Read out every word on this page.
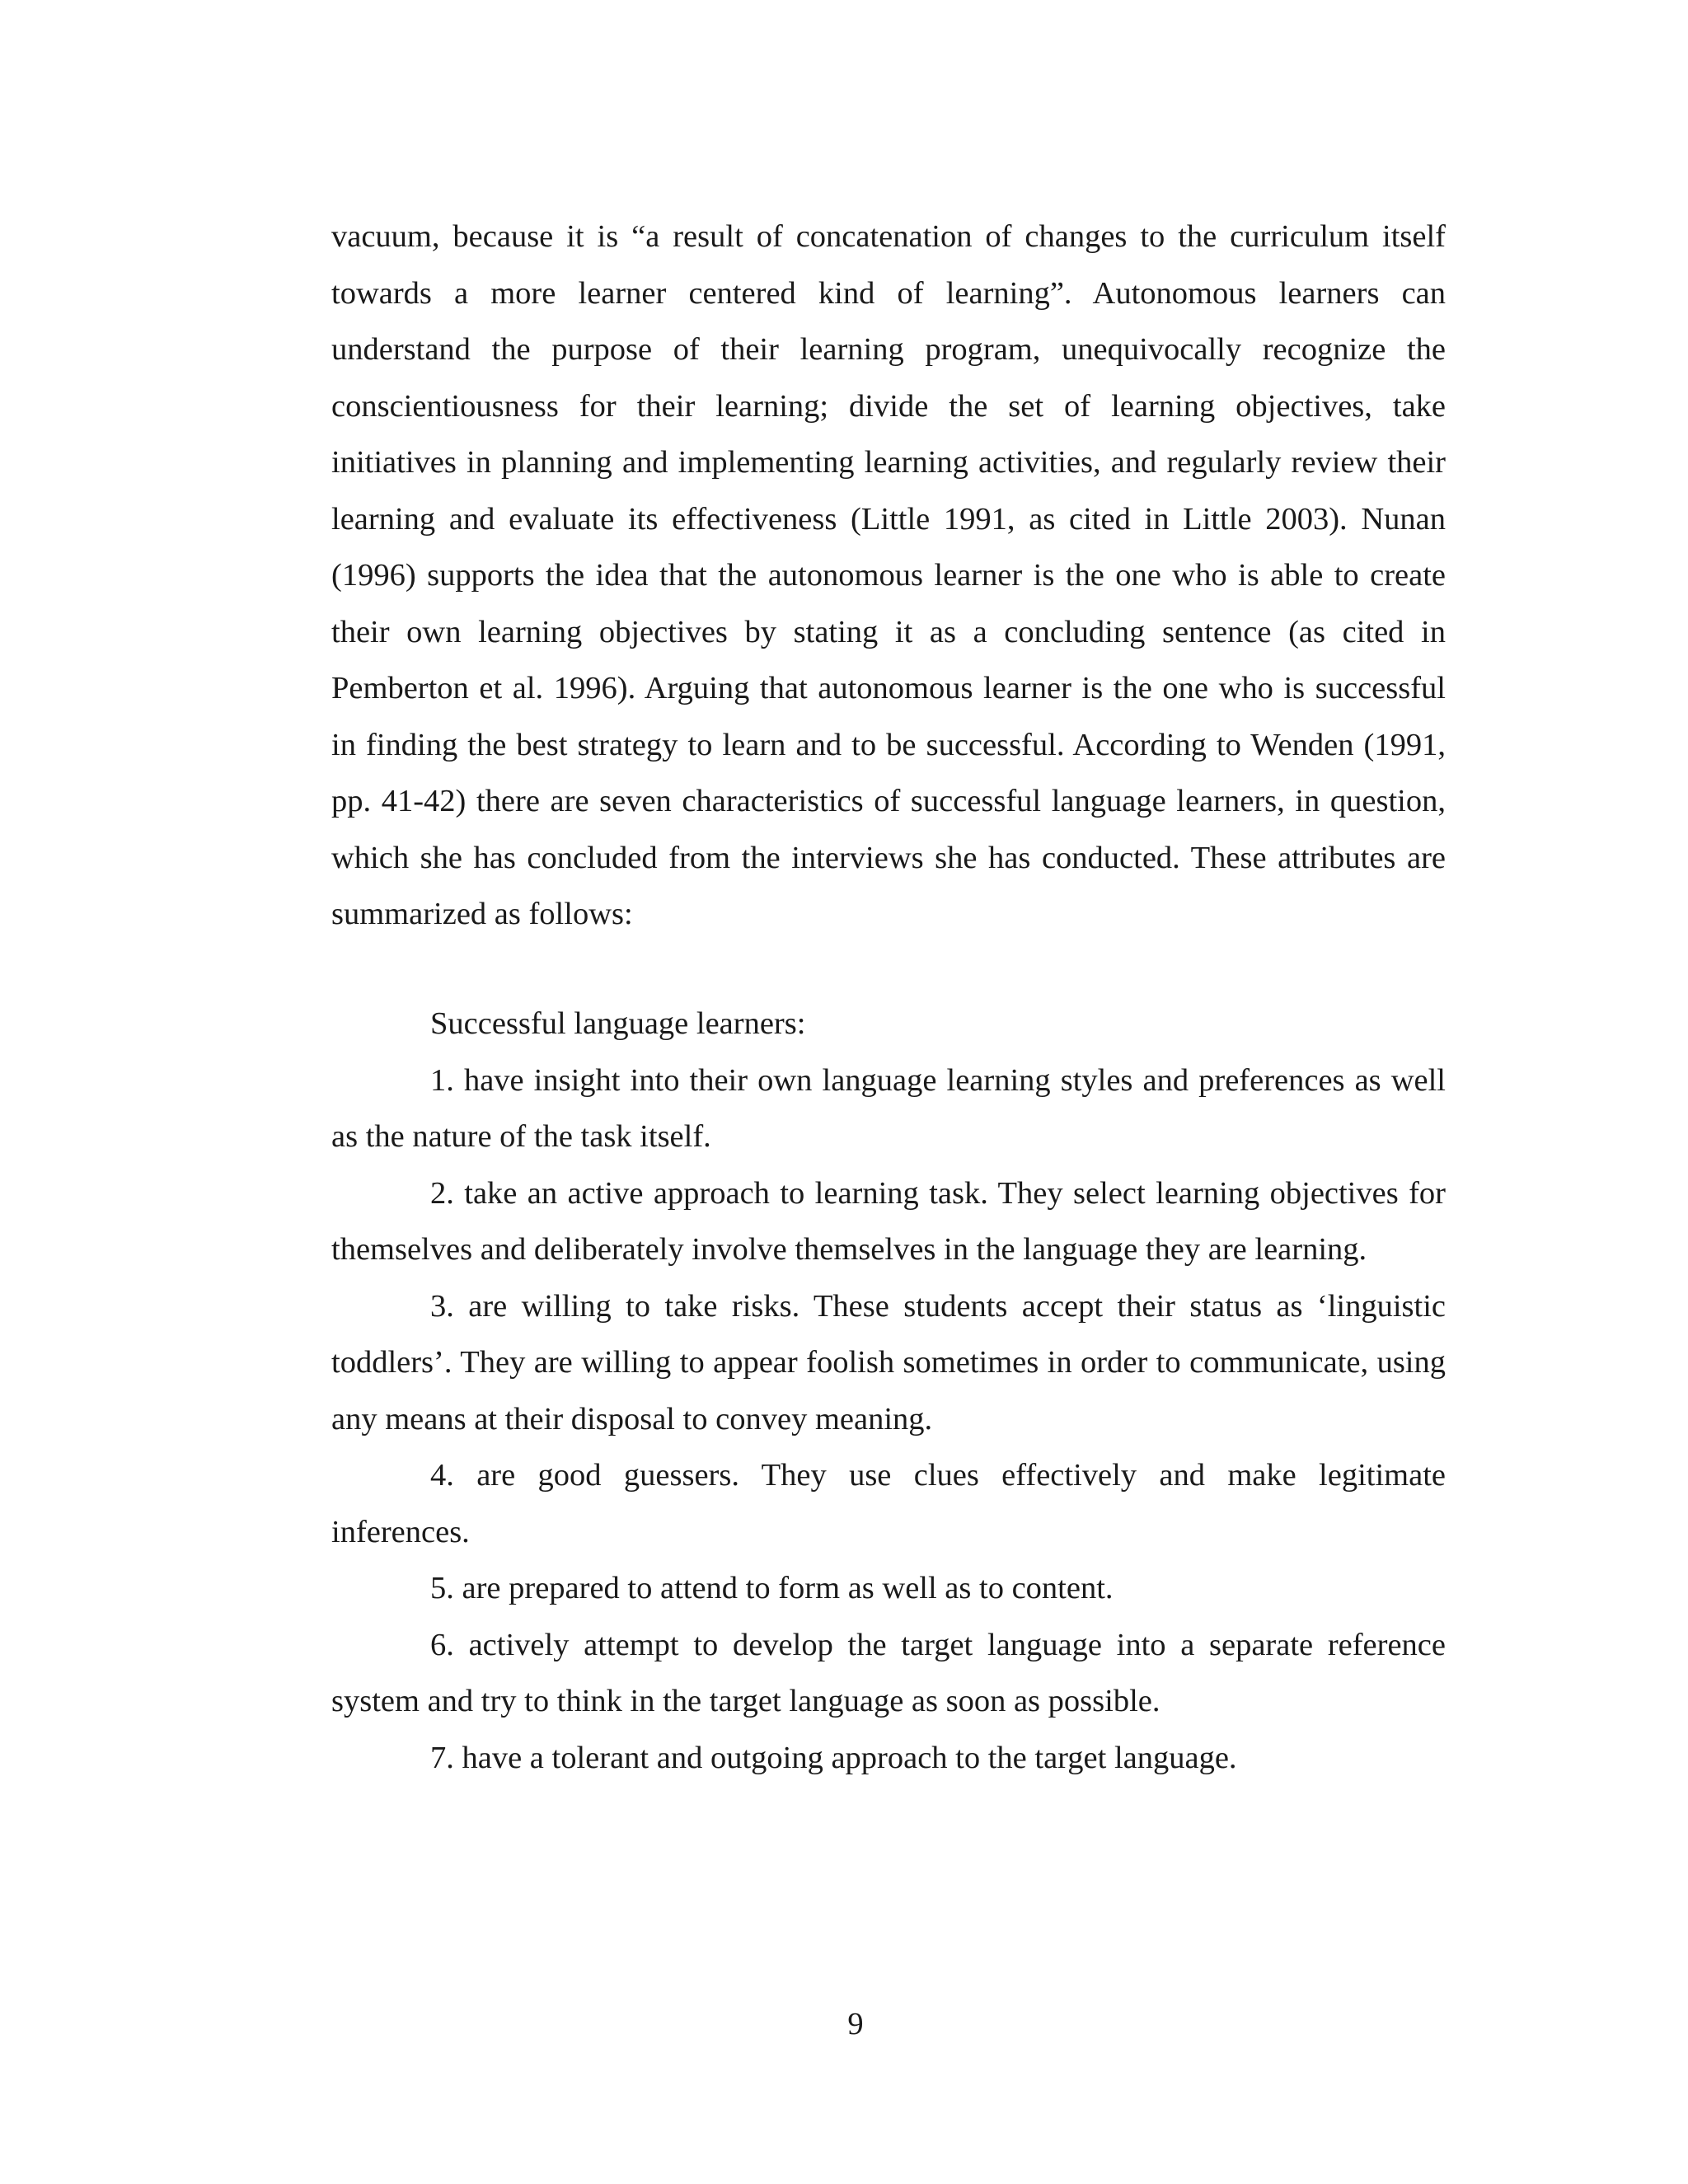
vacuum, because it is “a result of concatenation of changes to the curriculum itself towards a more learner centered kind of learning”. Autonomous learners can understand the purpose of their learning program, unequivocally recognize the conscientiousness for their learning; divide the set of learning objectives, take initiatives in planning and implementing learning activities, and regularly review their learning and evaluate its effectiveness (Little 1991, as cited in Little 2003). Nunan (1996) supports the idea that the autonomous learner is the one who is able to create their own learning objectives by stating it as a concluding sentence (as cited in Pemberton et al. 1996). Arguing that autonomous learner is the one who is successful in finding the best strategy to learn and to be successful. According to Wenden (1991, pp. 41-42) there are seven characteristics of successful language learners, in question, which she has concluded from the interviews she has conducted. These attributes are summarized as follows:

Successful language learners:

1. have insight into their own language learning styles and preferences as well as the nature of the task itself.

2. take an active approach to learning task. They select learning objectives for themselves and deliberately involve themselves in the language they are learning.

3. are willing to take risks. These students accept their status as ‘linguistic toddlers’. They are willing to appear foolish sometimes in order to communicate, using any means at their disposal to convey meaning.

4. are good guessers. They use clues effectively and make legitimate inferences.

5. are prepared to attend to form as well as to content.

6. actively attempt to develop the target language into a separate reference system and try to think in the target language as soon as possible.

7. have a tolerant and outgoing approach to the target language.

9
